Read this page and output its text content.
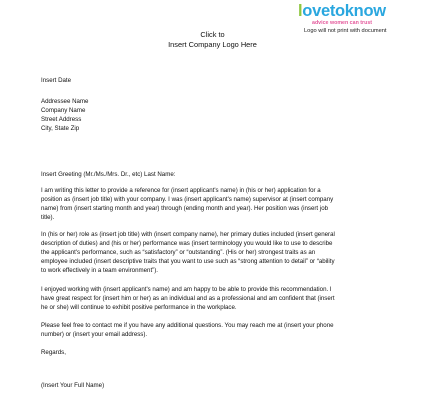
Click to
Insert Company Logo Here
lovetoknow
advice women can trust
Logo will not print with document
Insert Date

Addressee Name

Company Name

Street Address

City, State Zip

Insert Greeting (Mr./Ms./Mrs. Dr., etc) Last Name:

I am writing this letter to provide a reference for (insert applicant's name) in (his or her) application for a

position as (insert job title) with your company. I was (insert applicant's name) supervisor at (insert company

name) from (insert starting month and year) through (ending month and year). Her position was (insert job

title).

In (his or her) role as (insert job title) with (insert company name), her primary duties included (insert general

description of duties) and (his or her) performance was (insert terminology you would like to use to describe

the applicant's performance, such as “satisfactory” or “outstanding”. (His or her) strongest traits as an

employee included (insert descriptive traits that you want to use such as “strong attention to detail” or “ability

to work effectively in a team environment”).

I enjoyed working with (insert applicant's name) and am happy to be able to provide this recommendation. I

have great respect for (insert him or her) as an individual and as a professional and am confident that (insert

he or she) will continue to exhibit positive performance in the workplace.

Please feel free to contact me if you have any additional questions. You may reach me at (insert your phone

number) or (insert your email address).

Regards,
(Insert Your Full Name)
